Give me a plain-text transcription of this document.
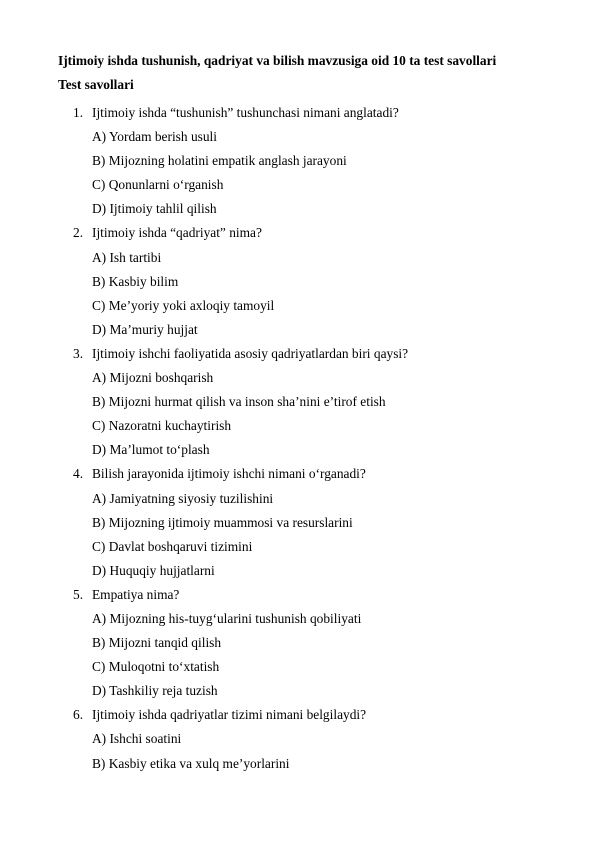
Ijtimoiy ishda tushunish, qadriyat va bilish mavzusiga oid 10 ta test savollari
Test savollari
1. Ijtimoiy ishda “tushunish” tushunchasi nimani anglatadi?
A) Yordam berish usuli
B) Mijozning holatini empatik anglash jarayoni
C) Qonunlarni o‘rganish
D) Ijtimoiy tahlil qilish
2. Ijtimoiy ishda “qadriyat” nima?
A) Ish tartibi
B) Kasbiy bilim
C) Me’yoriy yoki axloqiy tamoyil
D) Ma’muriy hujjat
3. Ijtimoiy ishchi faoliyatida asosiy qadriyatlardan biri qaysi?
A) Mijozni boshqarish
B) Mijozni hurmat qilish va inson sha’nini e’tirof etish
C) Nazoratni kuchaytirish
D) Ma’lumot to‘plash
4. Bilish jarayonida ijtimoiy ishchi nimani o‘rganadi?
A) Jamiyatning siyosiy tuzilishini
B) Mijozning ijtimoiy muammosi va resurslarini
C) Davlat boshqaruvi tizimini
D) Huquqiy hujjatlarni
5. Empatiya nima?
A) Mijozning his-tuyg‘ularini tushunish qobiliyati
B) Mijozni tanqid qilish
C) Muloqotni to‘xtatish
D) Tashkiliy reja tuzish
6. Ijtimoiy ishda qadriyatlar tizimi nimani belgilaydi?
A) Ishchi soatini
B) Kasbiy etika va xulq me’yorlarini
